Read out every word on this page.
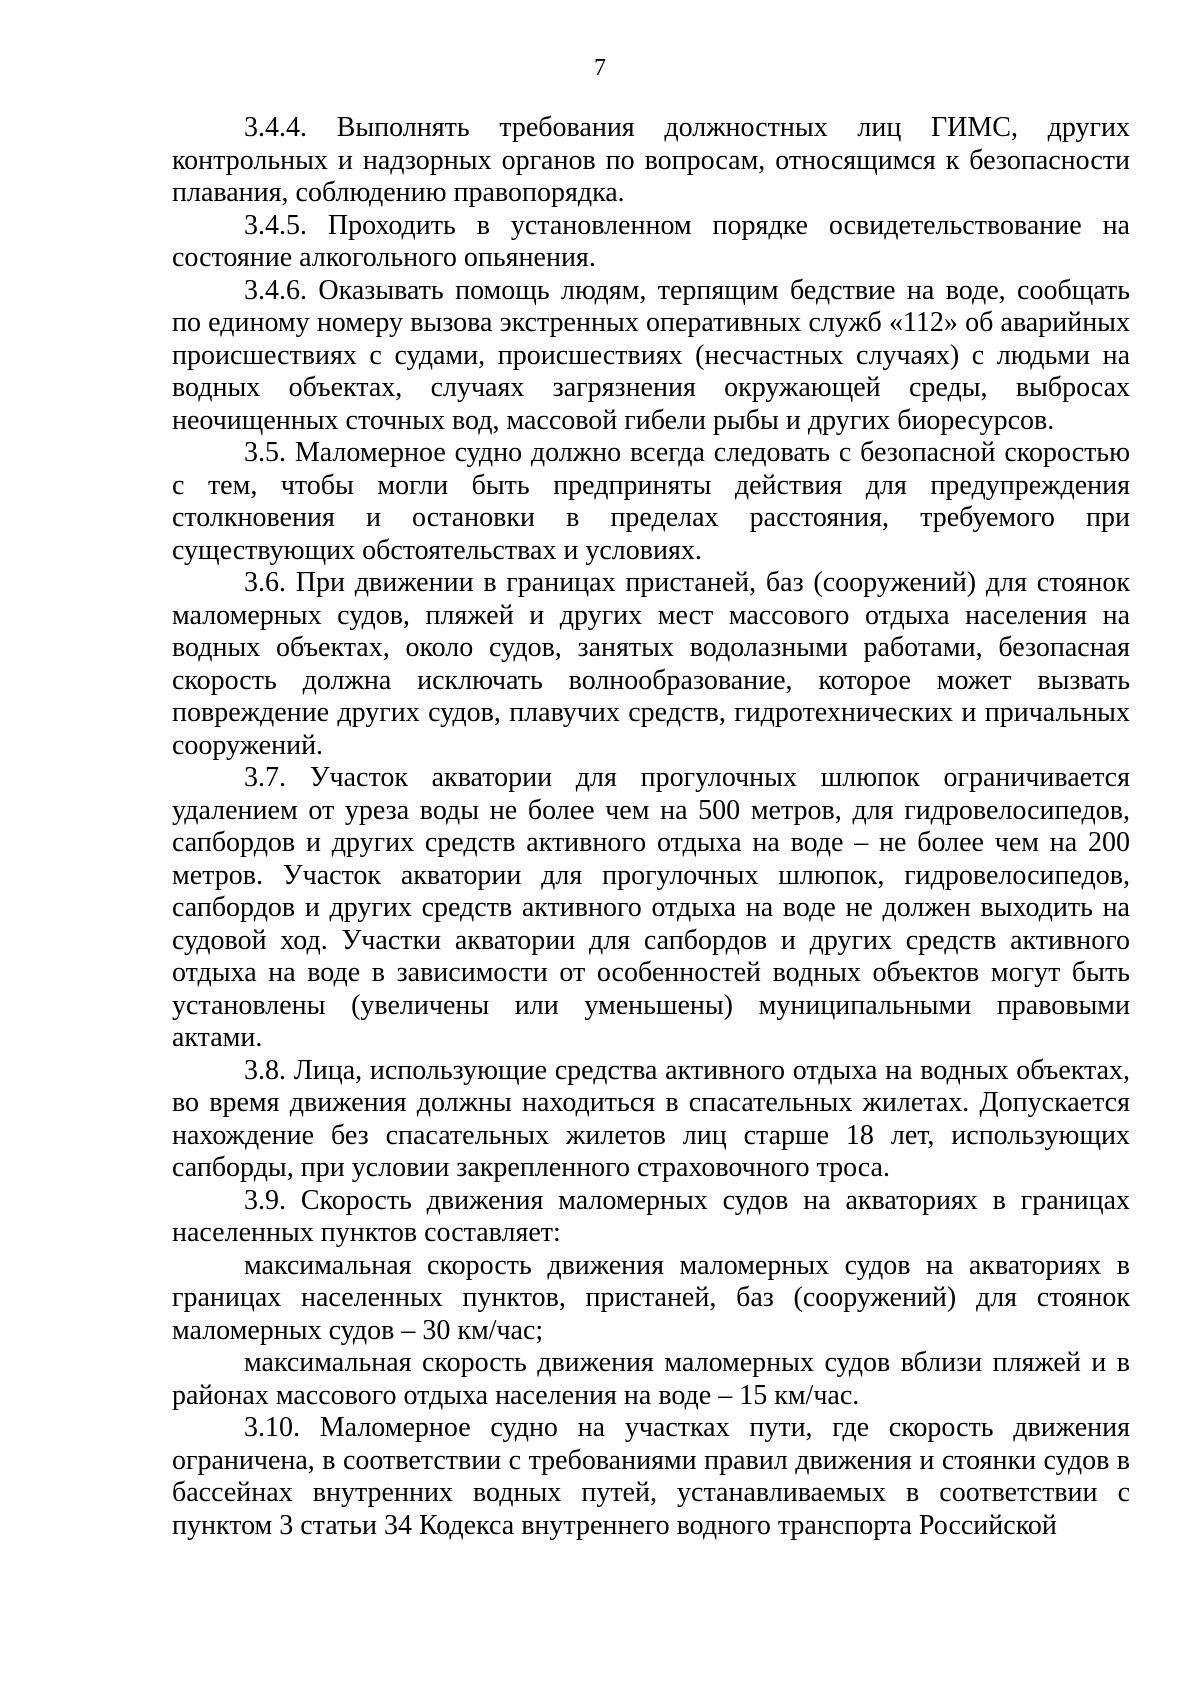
7

3.4.4. Выполнять требования должностных лиц ГИМС, других контрольных и надзорных органов по вопросам, относящимся к безопасности плавания, соблюдению правопорядка.

3.4.5. Проходить в установленном порядке освидетельствование на состояние алкогольного опьянения.

3.4.6. Оказывать помощь людям, терпящим бедствие на воде, сообщать по единому номеру вызова экстренных оперативных служб «112» об аварийных происшествиях с судами, происшествиях (несчастных случаях) с людьми на водных объектах, случаях загрязнения окружающей среды, выбросах неочищенных сточных вод, массовой гибели рыбы и других биоресурсов.

3.5. Маломерное судно должно всегда следовать с безопасной скоростью с тем, чтобы могли быть предприняты действия для предупреждения столкновения и остановки в пределах расстояния, требуемого при существующих обстоятельствах и условиях.

3.6. При движении в границах пристаней, баз (сооружений) для стоянок маломерных судов, пляжей и других мест массового отдыха населения на водных объектах, около судов, занятых водолазными работами, безопасная скорость должна исключать волнообразование, которое может вызвать повреждение других судов, плавучих средств, гидротехнических и причальных сооружений.

3.7. Участок акватории для прогулочных шлюпок ограничивается удалением от уреза воды не более чем на 500 метров, для гидровелосипедов, сапбордов и других средств активного отдыха на воде – не более чем на 200 метров. Участок акватории для прогулочных шлюпок, гидровелосипедов, сапбордов и других средств активного отдыха на воде не должен выходить на судовой ход. Участки акватории для сапбордов и других средств активного отдыха на воде в зависимости от особенностей водных объектов могут быть установлены (увеличены или уменьшены) муниципальными правовыми актами.

3.8. Лица, использующие средства активного отдыха на водных объектах, во время движения должны находиться в спасательных жилетах. Допускается нахождение без спасательных жилетов лиц старше 18 лет, использующих сапборды, при условии закрепленного страховочного троса.

3.9. Скорость движения маломерных судов на акваториях в границах населенных пунктов составляет:

максимальная скорость движения маломерных судов на акваториях в границах населенных пунктов, пристаней, баз (сооружений) для стоянок маломерных судов – 30 км/час;

максимальная скорость движения маломерных судов вблизи пляжей и в районах массового отдыха населения на воде – 15 км/час.

3.10. Маломерное судно на участках пути, где скорость движения ограничена, в соответствии с требованиями правил движения и стоянки судов в бассейнах внутренних водных путей, устанавливаемых в соответствии с пунктом 3 статьи 34 Кодекса внутреннего водного транспорта Российской
